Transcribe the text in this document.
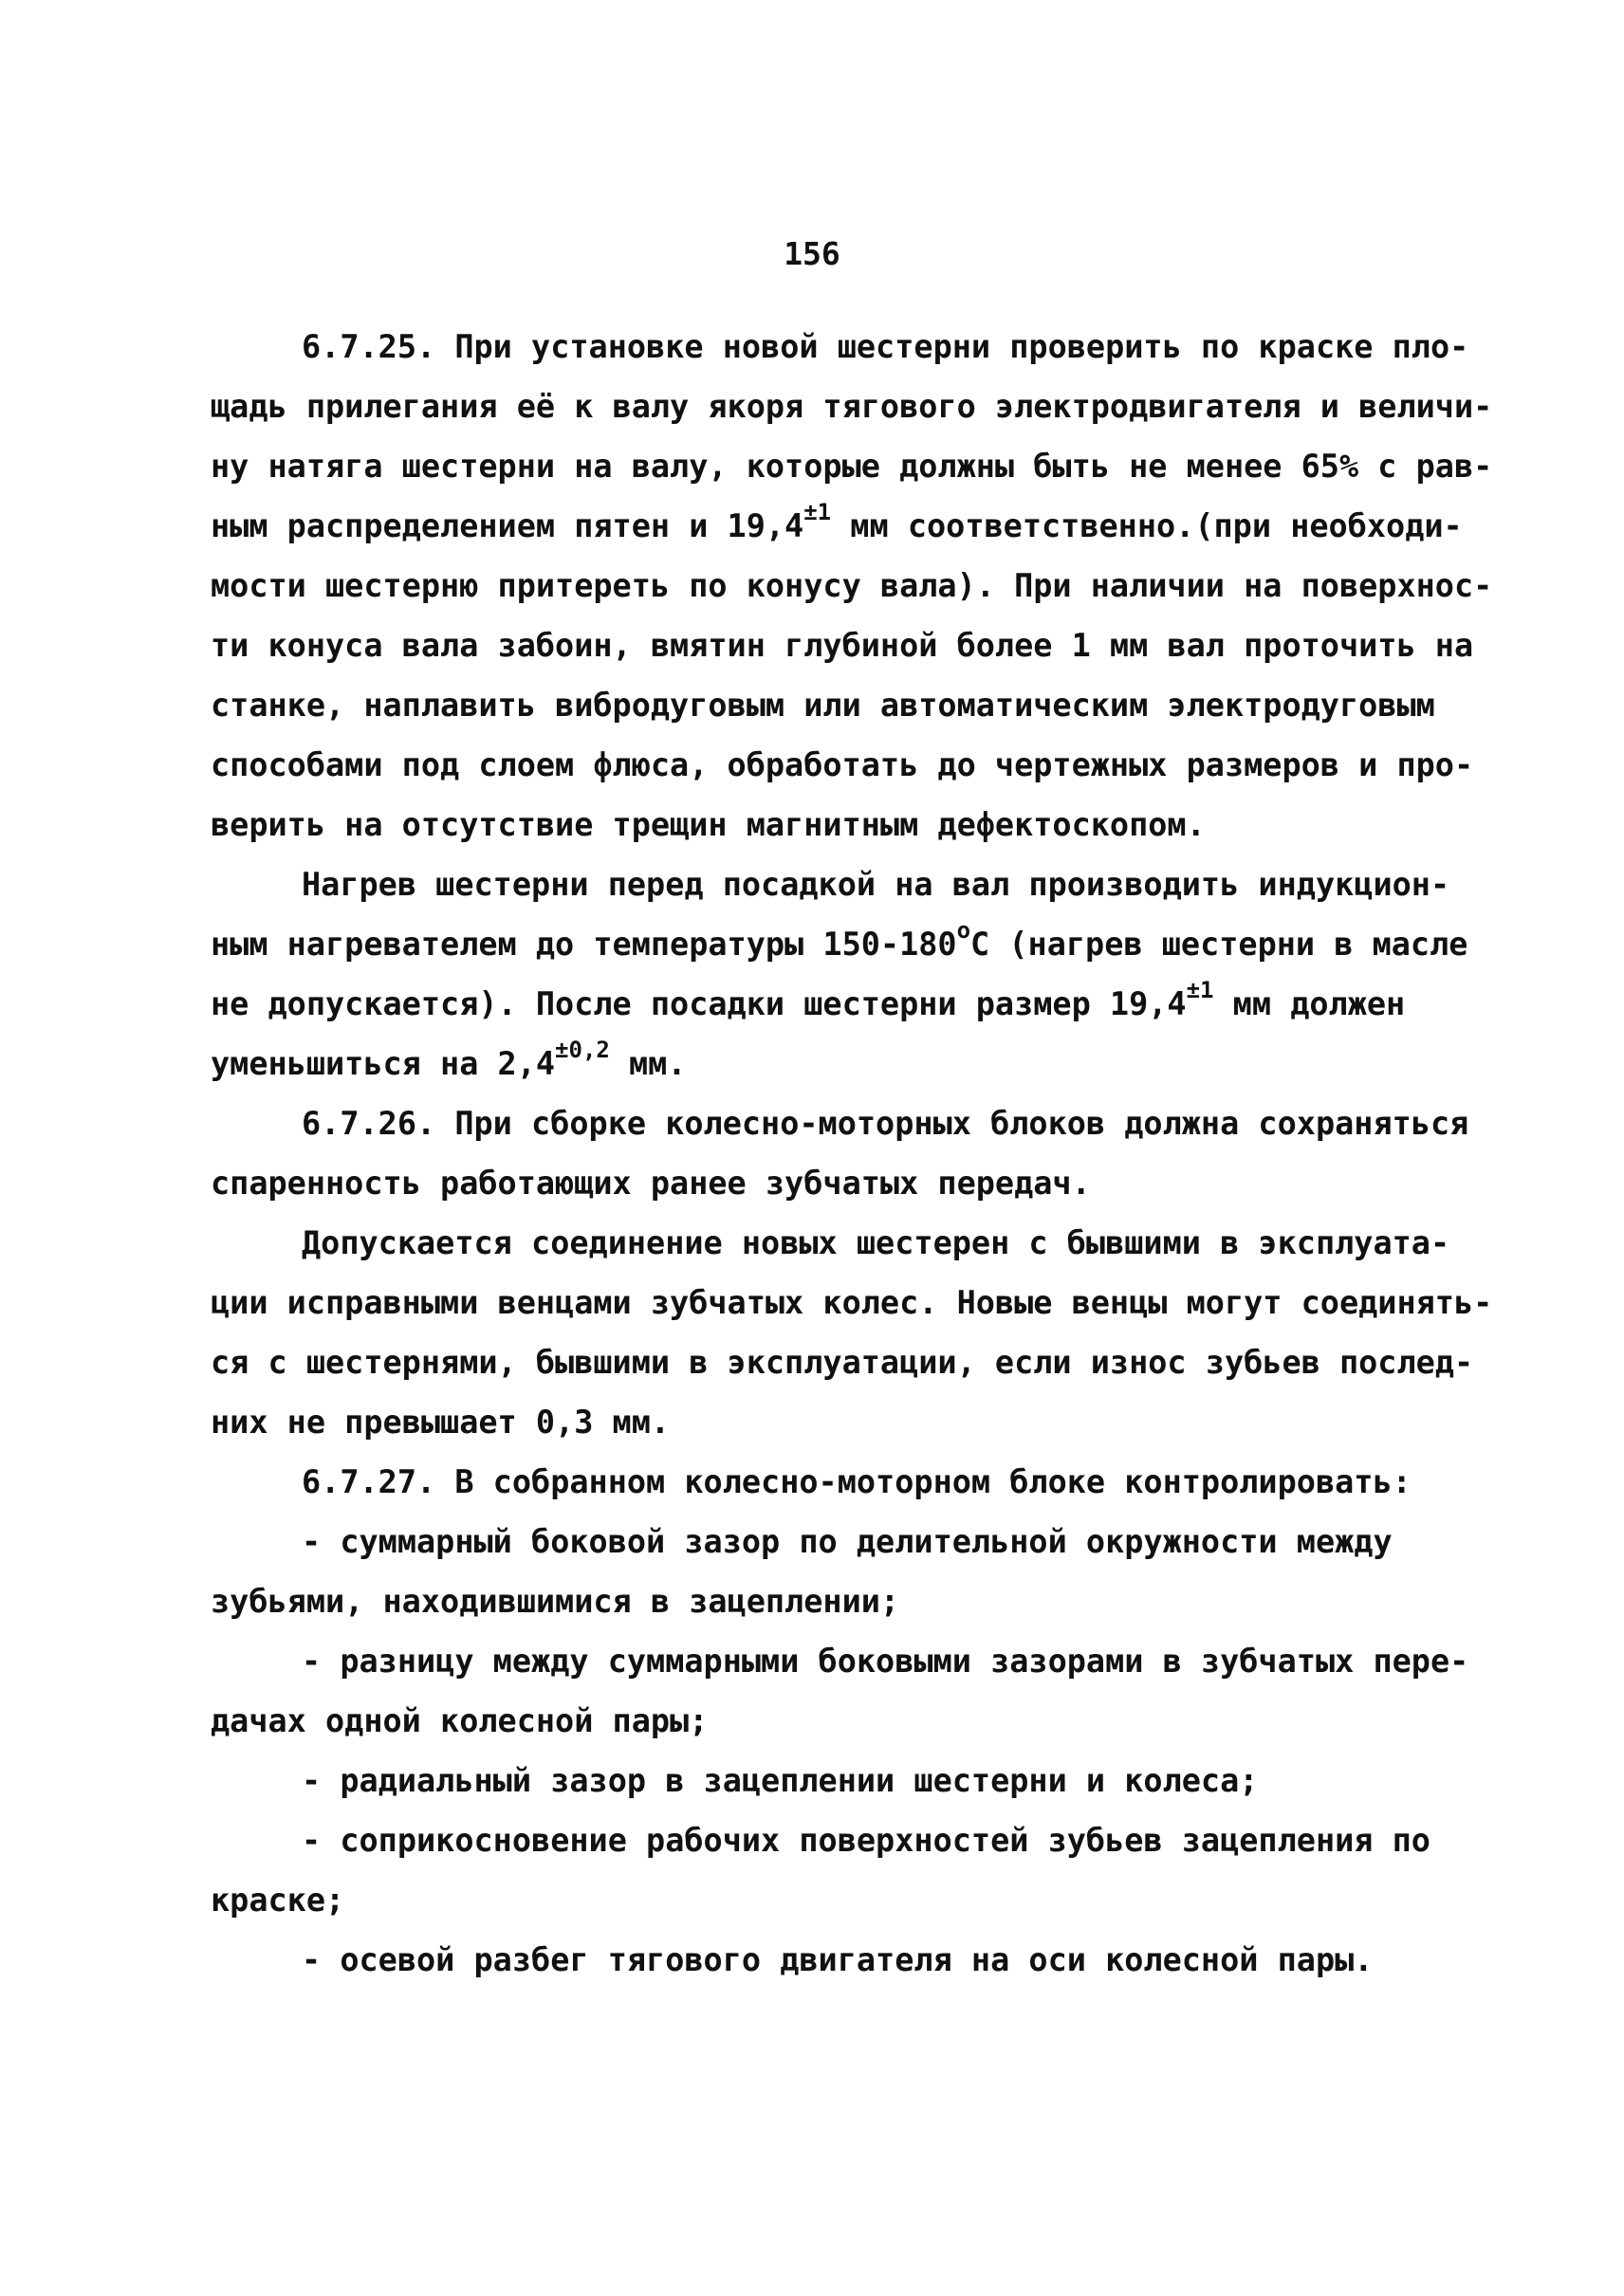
156
6.7.25. При установке новой шестерни проверить по краске пло-
щадь прилегания её к валу якоря тягового электродвигателя и величи-
ну натяга шестерни на валу, которые должны быть не менее 65% с рав-
ным распределением пятен и $19,4^{\pm 1}$ мм соответственно.(при необходи-
мости шестерню притереть по конусу вала). При наличии на поверхнос-
ти конуса вала забоин, вмятин глубиной более 1 мм вал проточить на
станке, наплавить вибродуговым или автоматическим электродуговым
способами под слоем флюса, обработать до чертежных размеров и про-
верить на отсутствие трещин магнитным дефектоскопом.
Нагрев шестерни перед посадкой на вал производить индукцион-
ным нагревателем до температуры $150-180^оС$ (нагрев шестерни в масле
не допускается). После посадки шестерни размер $19,4^{\pm 1}$ мм должен
уменьшиться на $2,4^{\pm 0,2}$ мм.
6.7.26. При сборке колесно-моторных блоков должна сохраняться
спаренность работающих ранее зубчатых передач.
Допускается соединение новых шестерен с бывшими в эксплуата-
ции исправными венцами зубчатых колес. Новые венцы могут соединять-
ся с шестернями, бывшими в эксплуатации, если износ зубьев послед-
них не превышает 0,3 мм.
6.7.27. В собранном колесно-моторном блоке контролировать:
- суммарный боковой зазор по делительной окружности между
зубьями, находившимися в зацеплении;
- разницу между суммарными боковыми зазорами в зубчатых пере-
дачах одной колесной пары;
- радиальный зазор в зацеплении шестерни и колеса;
- соприкосновение рабочих поверхностей зубьев зацепления по
краске;
- осевой разбег тягового двигателя на оси колесной пары.
